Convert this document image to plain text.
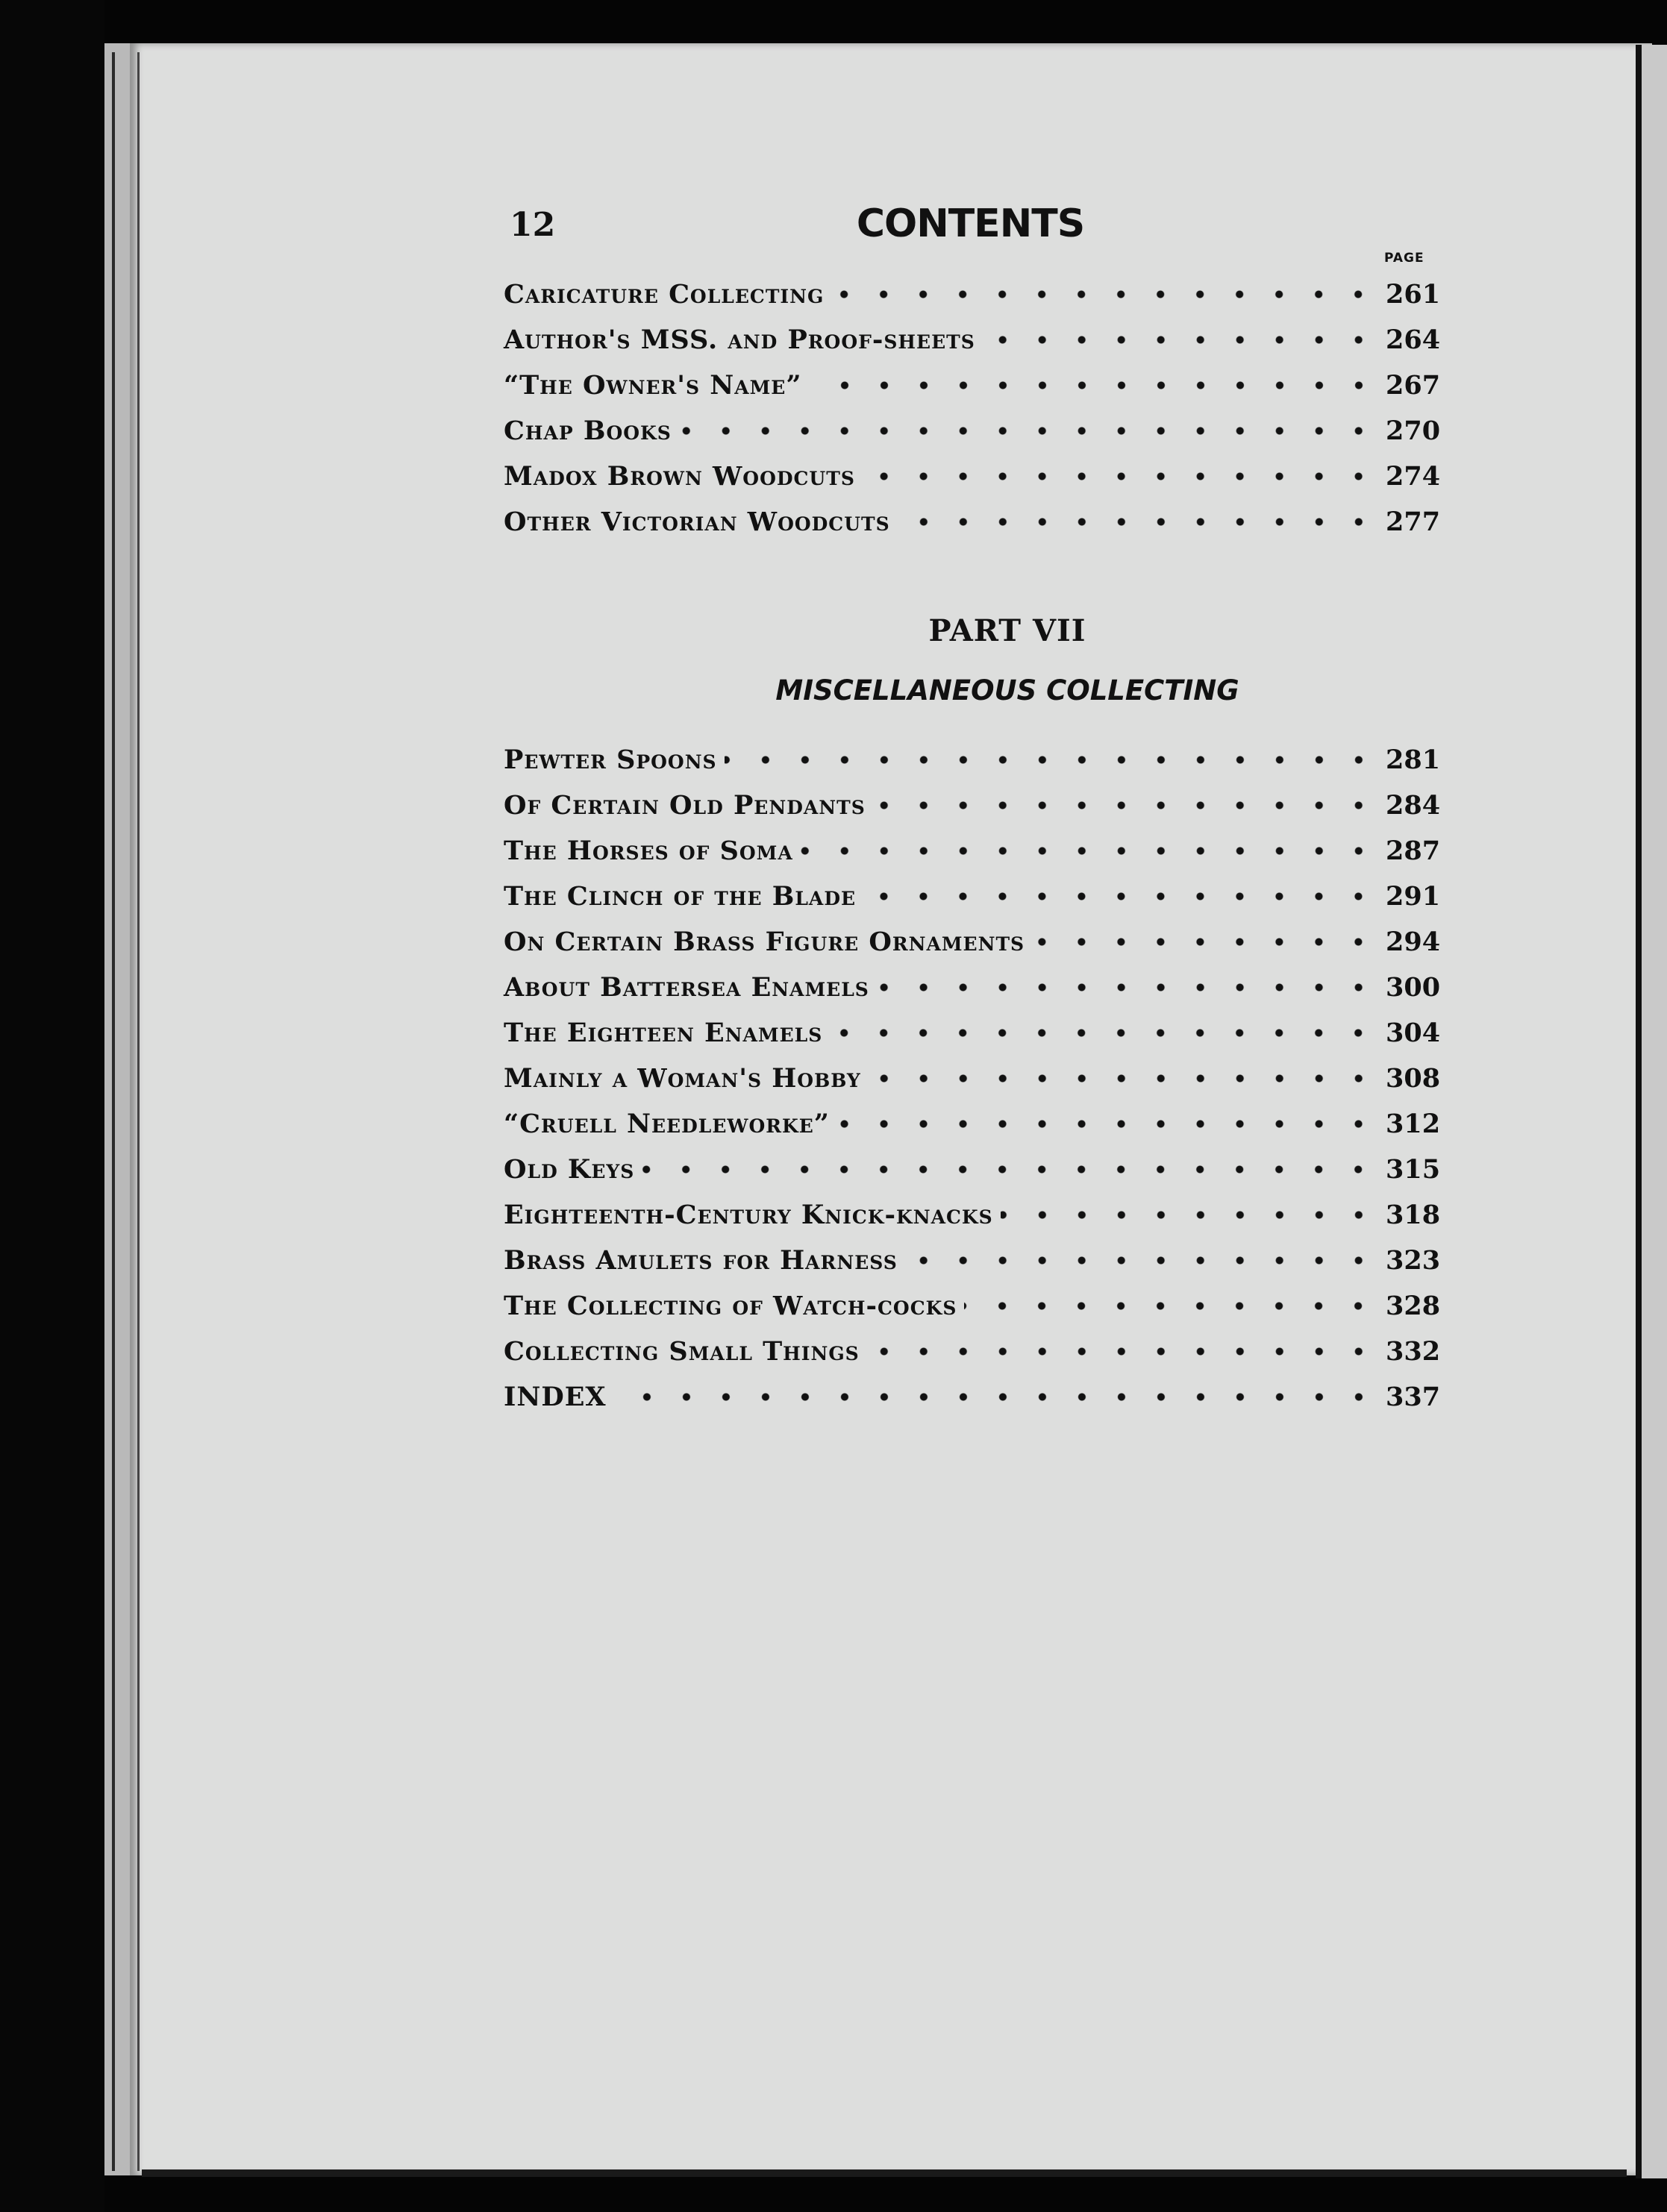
12	CONTENTS
PAGE
Caricature Collecting	261
Author's MSS. and Proof-sheets	264
“The Owner's Name”	267
Chap Books	270
Madox Brown Woodcuts	274
Other Victorian Woodcuts	277
PART VII
MISCELLANEOUS COLLECTING
Pewter Spoons	281
Of Certain Old Pendants	284
The Horses of Soma	287
The Clinch of the Blade	291
On Certain Brass Figure Ornaments	294
About Battersea Enamels	300
The Eighteen Enamels	304
Mainly a Woman's Hobby	308
“Cruell Needleworke”	312
Old Keys	315
Eighteenth-Century Knick-knacks	318
Brass Amulets for Harness	323
The Collecting of Watch-cocks	328
Collecting Small Things	332
INDEX	337
